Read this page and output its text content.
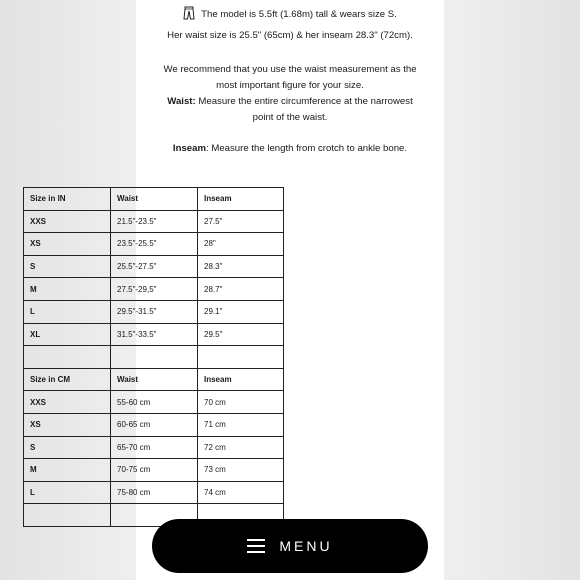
The model is 5.5ft (1.68m) tall & wears size S.
Her waist size is 25.5" (65cm) & her inseam 28.3" (72cm).
We recommend that you use the waist measurement as the
most important figure for your size.
Waist: Measure the entire circumference at the narrowest
point of the waist.
Inseam: Measure the length from crotch to ankle bone.
Size in IN	Waist	Inseam
XXS	21.5"-23.5"	27.5"
XS	23.5"-25.5"	28"
S	25.5"-27.5"	28.3"
M	27.5"-29,5"	28.7"
L	29.5"-31.5"	29.1"
XL	31.5"-33.5"	29.5"

Size in CM	Waist	Inseam
XXS	55-60 cm	70 cm
XS	60-65 cm	71 cm
S	65-70 cm	72 cm
M	70-75 cm	73 cm
L	75-80 cm	74 cm

MENU
